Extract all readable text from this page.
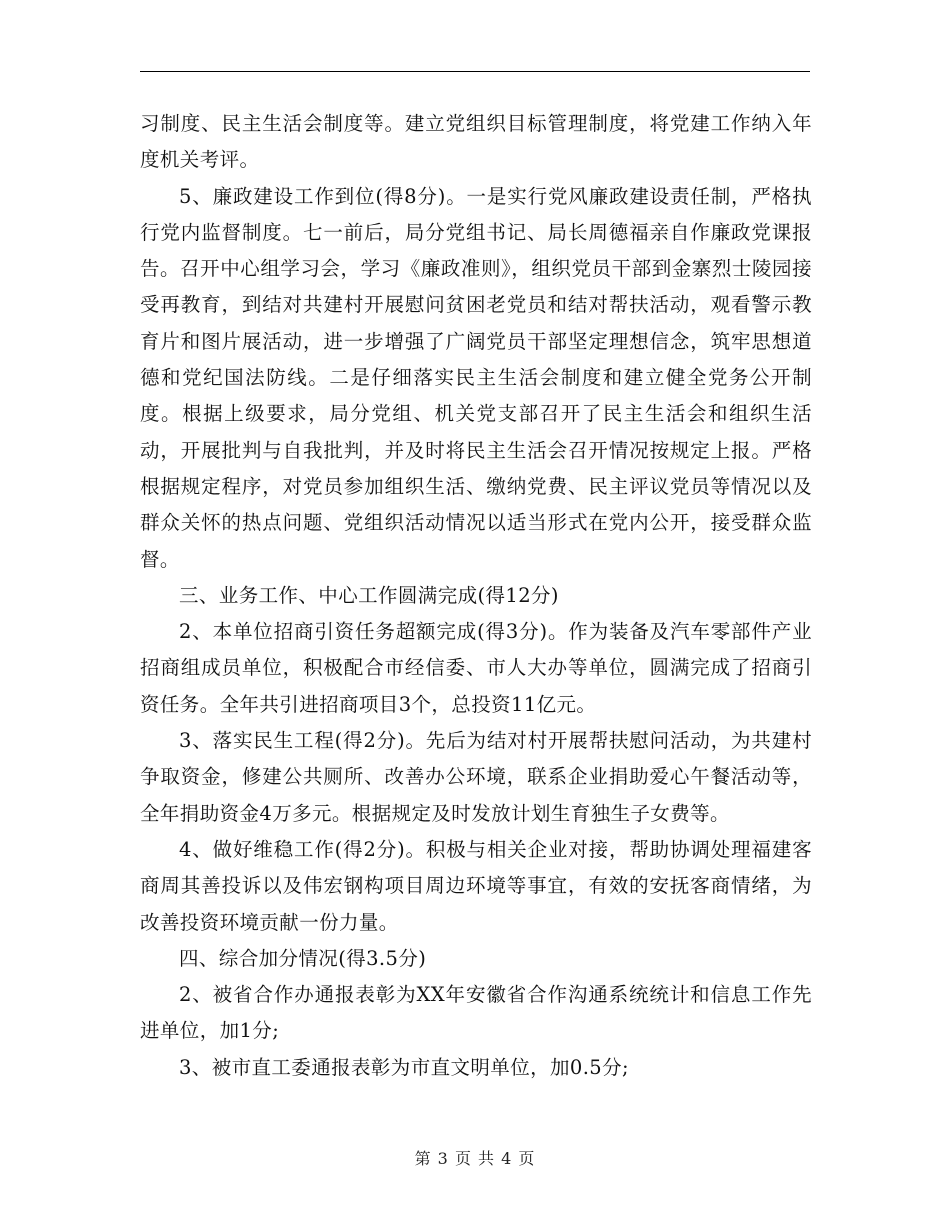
习制度、民主生活会制度等。建立党组织目标管理制度，将党建工作纳入年度机关考评。

5、廉政建设工作到位(得8分)。一是实行党风廉政建设责任制，严格执行党内监督制度。七一前后，局分党组书记、局长周德福亲自作廉政党课报告。召开中心组学习会，学习《廉政准则》，组织党员干部到金寨烈士陵园接受再教育，到结对共建村开展慰问贫困老党员和结对帮扶活动，观看警示教育片和图片展活动，进一步增强了广阔党员干部坚定理想信念，筑牢思想道德和党纪国法防线。二是仔细落实民主生活会制度和建立健全党务公开制度。根据上级要求，局分党组、机关党支部召开了民主生活会和组织生活动，开展批判与自我批判，并及时将民主生活会召开情况按规定上报。严格根据规定程序，对党员参加组织生活、缴纳党费、民主评议党员等情况以及群众关怀的热点问题、党组织活动情况以适当形式在党内公开，接受群众监督。

三、业务工作、中心工作圆满完成(得12分)

2、本单位招商引资任务超额完成(得3分)。作为装备及汽车零部件产业招商组成员单位，积极配合市经信委、市人大办等单位，圆满完成了招商引资任务。全年共引进招商项目3个，总投资11亿元。

3、落实民生工程(得2分)。先后为结对村开展帮扶慰问活动，为共建村争取资金，修建公共厕所、改善办公环境，联系企业捐助爱心午餐活动等，全年捐助资金4万多元。根据规定及时发放计划生育独生子女费等。

4、做好维稳工作(得2分)。积极与相关企业对接，帮助协调处理福建客商周其善投诉以及伟宏钢构项目周边环境等事宜，有效的安抚客商情绪，为改善投资环境贡献一份力量。

四、综合加分情况(得3.5分)

2、被省合作办通报表彰为XX年安徽省合作沟通系统统计和信息工作先进单位，加1分;

3、被市直工委通报表彰为市直文明单位，加0.5分;

第 3 页 共 4 页
